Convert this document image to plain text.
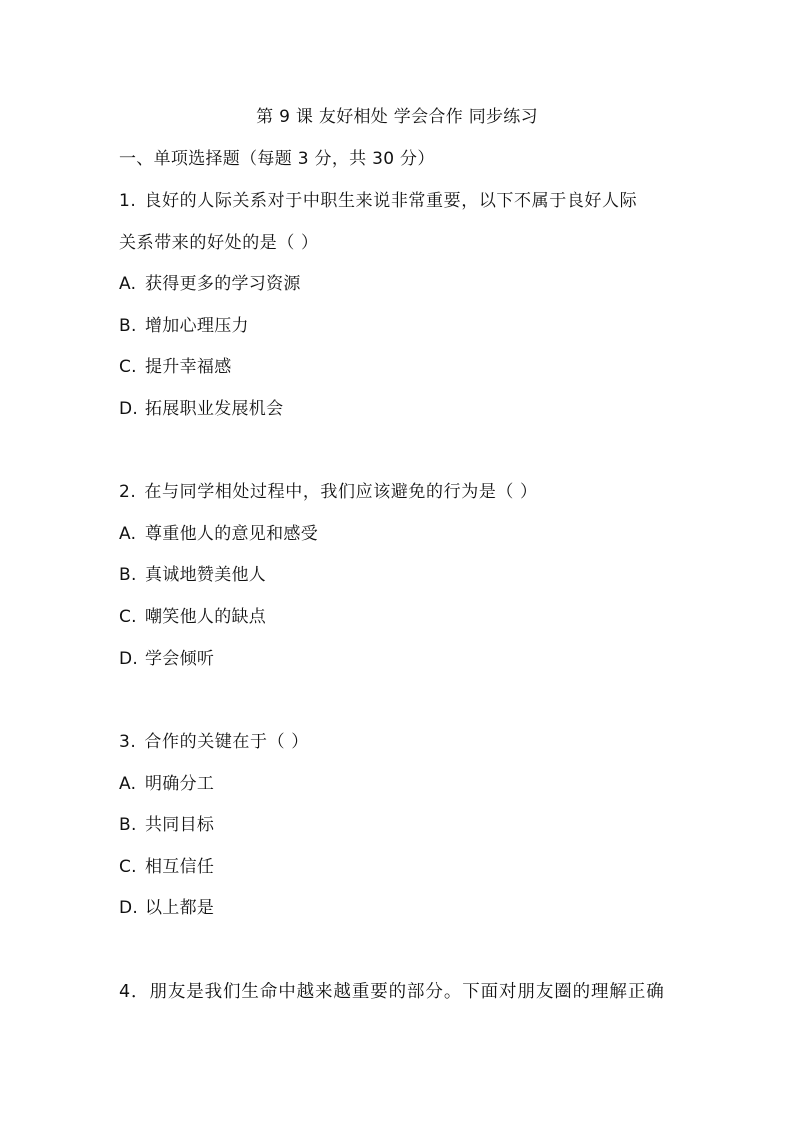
第 9 课 友好相处 学会合作 同步练习
一、单项选择题（每题 3 分，共 30 分）
1. 良好的人际关系对于中职生来说非常重要，以下不属于良好人际
关系带来的好处的是（ ）
A. 获得更多的学习资源
B. 增加心理压力
C. 提升幸福感
D. 拓展职业发展机会
2. 在与同学相处过程中，我们应该避免的行为是（ ）
A. 尊重他人的意见和感受
B. 真诚地赞美他人
C. 嘲笑他人的缺点
D. 学会倾听
3. 合作的关键在于（ ）
A. 明确分工
B. 共同目标
C. 相互信任
D. 以上都是
4．朋友是我们生命中越来越重要的部分。下面对朋友圈的理解正确
